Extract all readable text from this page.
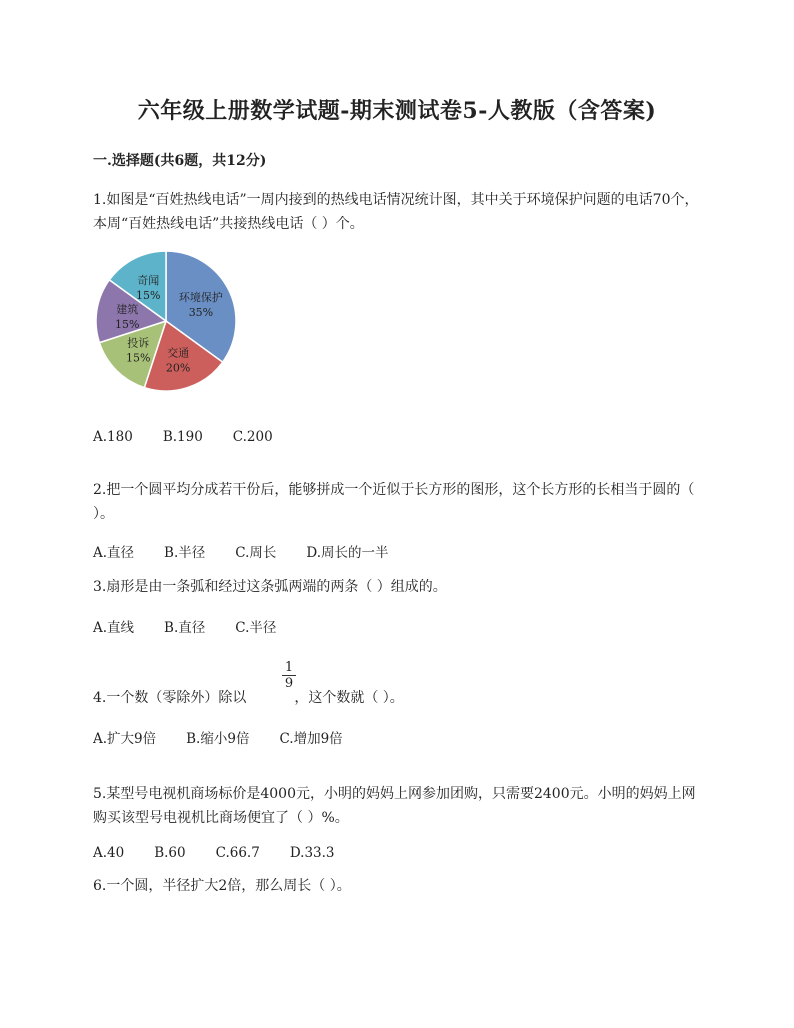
六年级上册数学试题-期末测试卷5-人教版（含答案)
一.选择题(共6题，共12分)
1.如图是“百姓热线电话”一周内接到的热线电话情况统计图，其中关于环境保护问题的电话70个，本周“百姓热线电话”共接热线电话（ ）个。
环境保护
35%
交通
20%
投诉
15%
建筑
15%
奇闻
15%
A.180 B.190 C.200
2.把一个圆平均分成若干份后，能够拼成一个近似于长方形的图形，这个长方形的长相当于圆的（ ）。
A.直径 B.半径 C.周长 D.周长的一半
3.扇形是由一条弧和经过这条弧两端的两条（ ）组成的。
A.直线 B.直径 C.半径
4.一个数（零除外）除以	，这个数就（ ）。
$\frac{1}{9}$
A.扩大9倍 B.缩小9倍 C.增加9倍
5.某型号电视机商场标价是4000元，小明的妈妈上网参加团购，只需要2400元。小明的妈妈上网购买该型号电视机比商场便宜了（ ）%。
A.40 B.60 C.66.7 D.33.3
6.一个圆，半径扩大2倍，那么周长（ ）。
